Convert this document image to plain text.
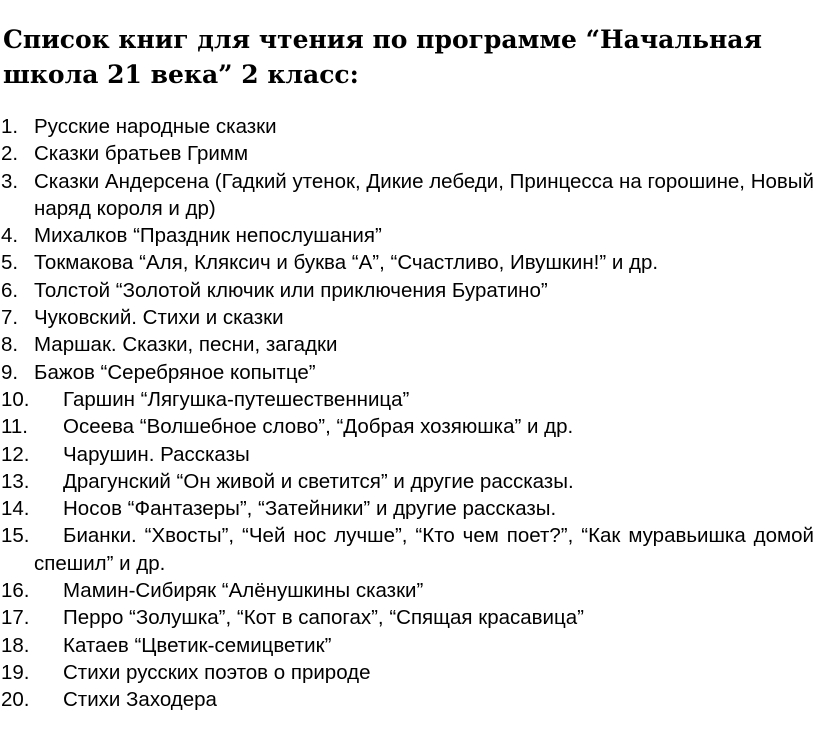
Список книг для чтения по программе “Начальная школа 21 века” 2 класс:
1. Русские народные сказки
2. Сказки братьев Гримм
3. Сказки Андерсена (Гадкий утенок, Дикие лебеди, Принцесса на горошине, Новый наряд короля и др)
4. Михалков “Праздник непослушания”
5. Токмакова “Аля, Кляксич и буква “А”, “Счастливо, Ивушкин!” и др.
6. Толстой “Золотой ключик или приключения Буратино”
7. Чуковский. Стихи и сказки
8. Маршак. Сказки, песни, загадки
9. Бажов “Серебряное копытце”
10. Гаршин “Лягушка-путешественница”
11. Осеева “Волшебное слово”, “Добрая хозяюшка” и др.
12. Чарушин. Рассказы
13. Драгунский “Он живой и светится” и другие рассказы.
14. Носов “Фантазеры”, “Затейники” и другие рассказы.
15. Бианки. “Хвосты”, “Чей нос лучше”, “Кто чем поет?”, “Как муравьишка домой спешил” и др.
16. Мамин-Сибиряк “Алёнушкины сказки”
17. Перро “Золушка”, “Кот в сапогах”, “Спящая красавица”
18. Катаев “Цветик-семицветик”
19. Стихи русских поэтов о природе
20. Стихи Заходера
